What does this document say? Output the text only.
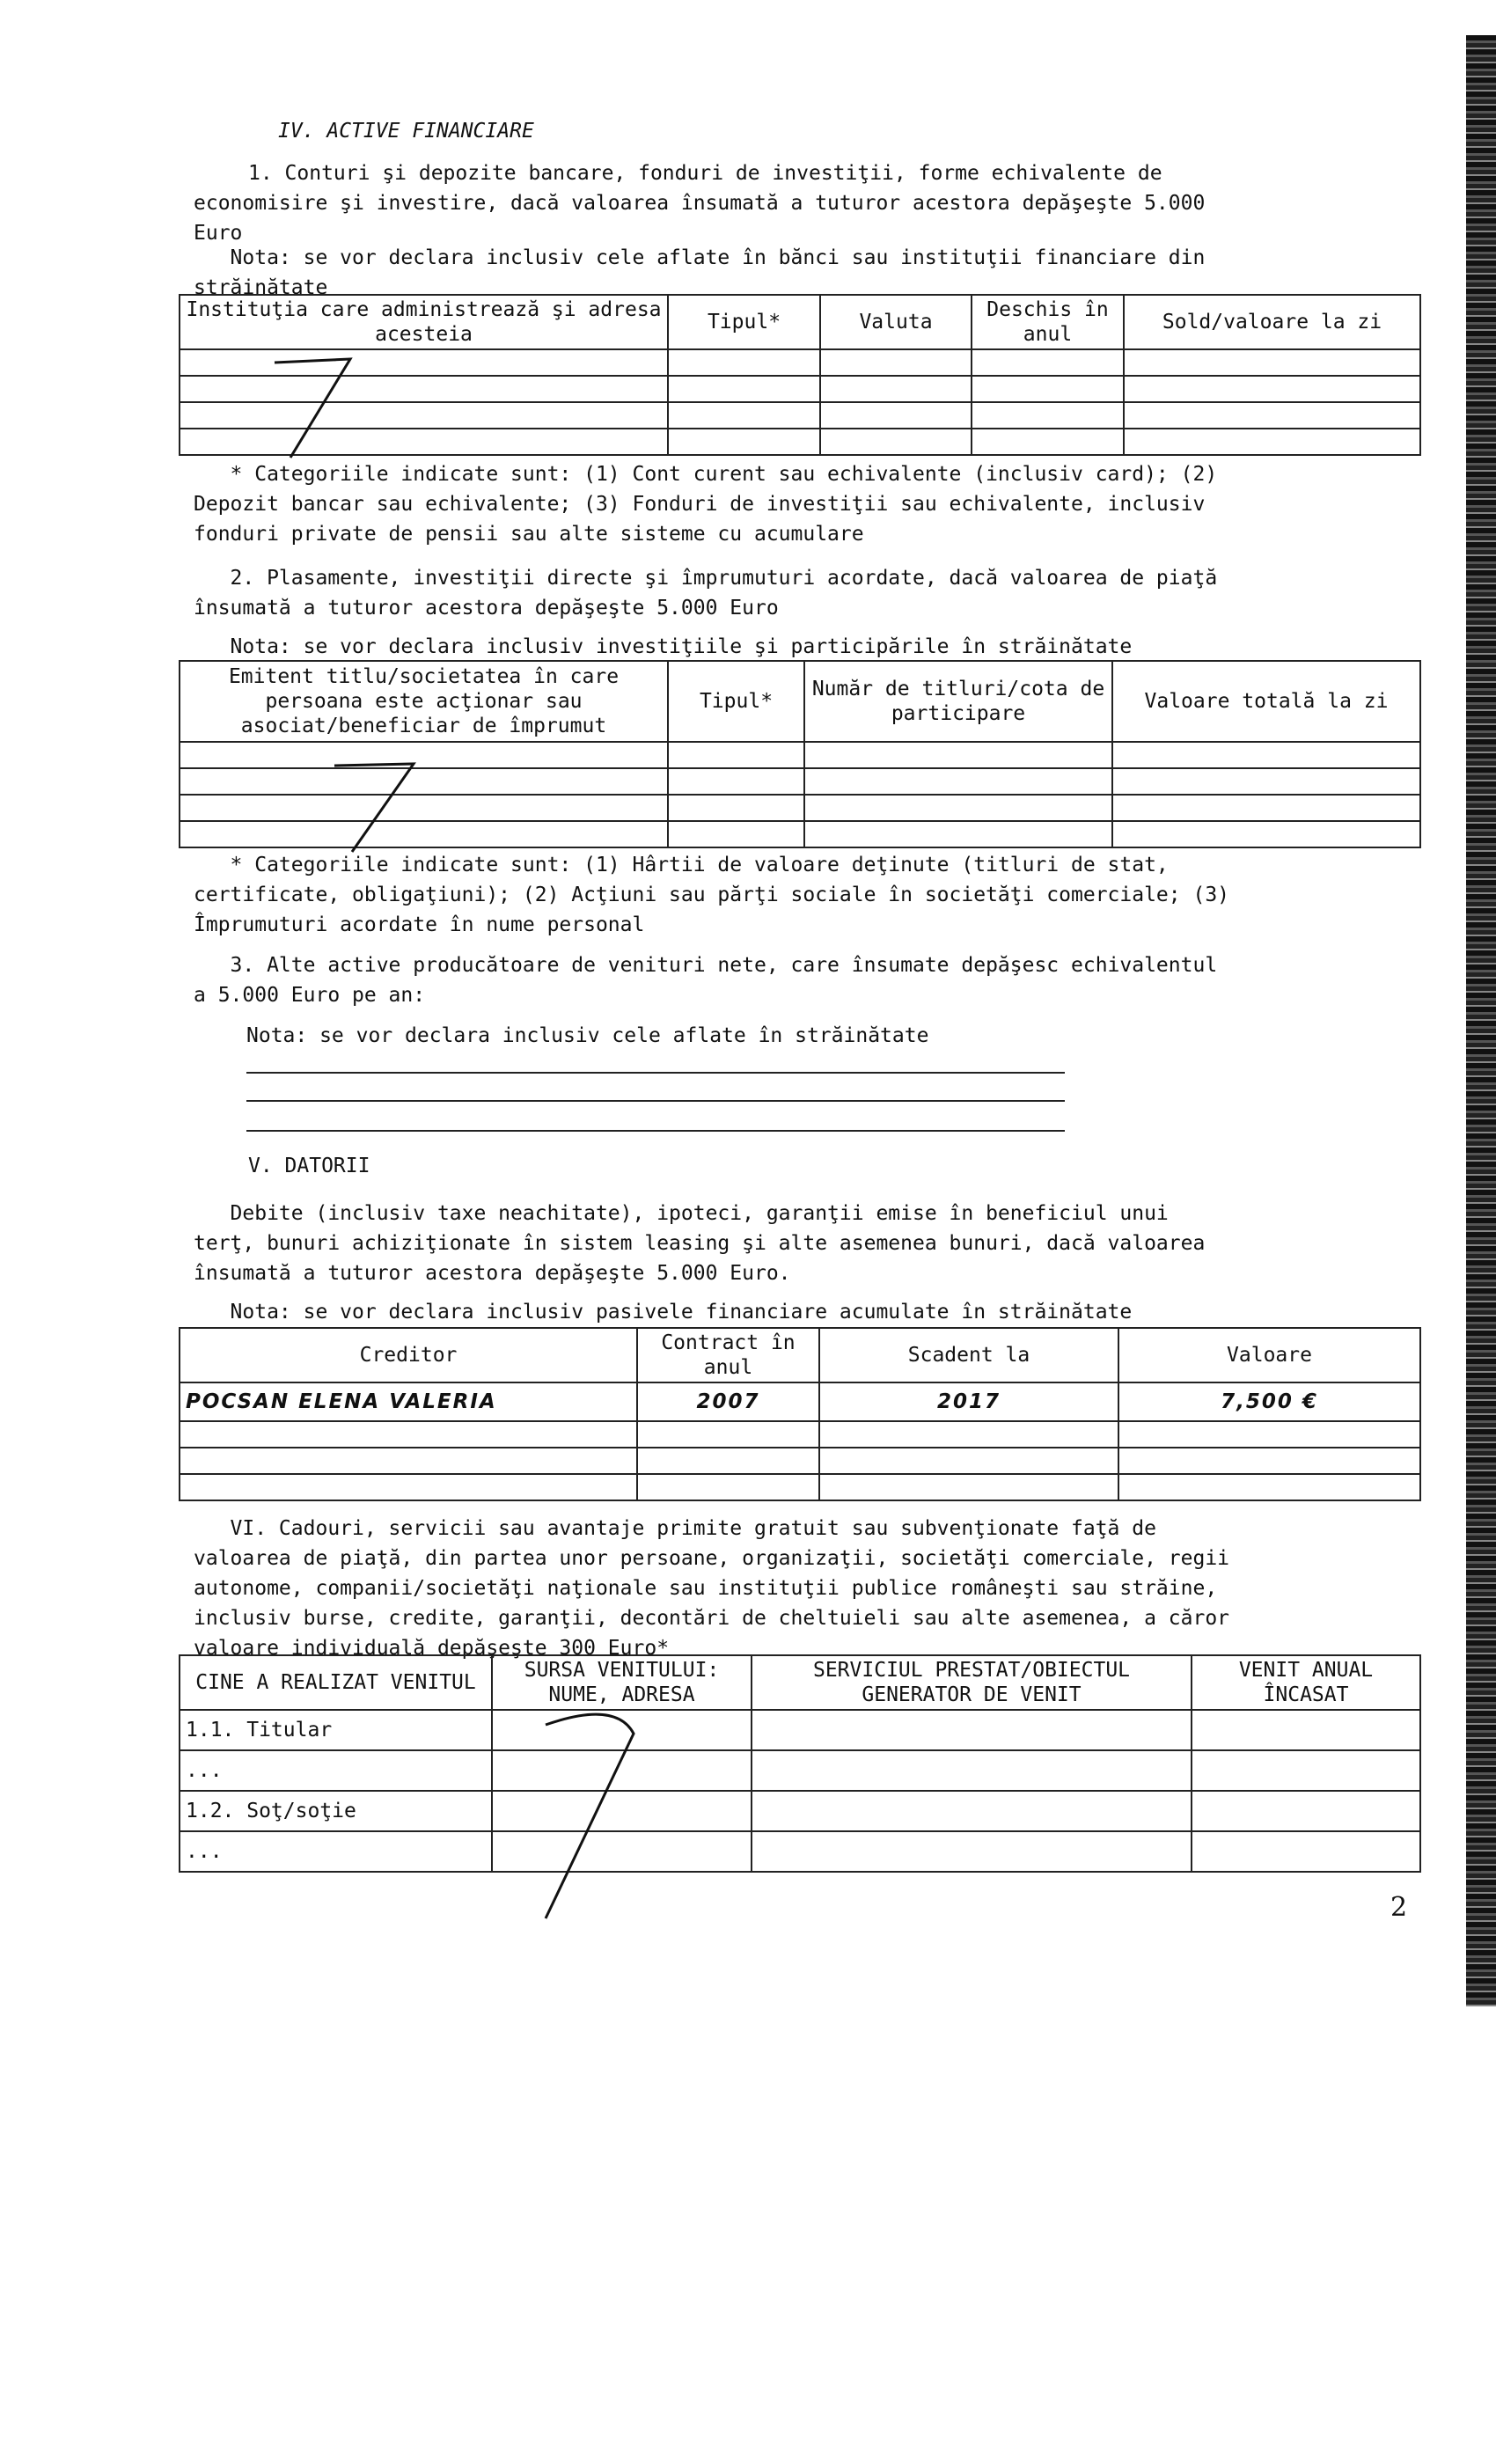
IV. ACTIVE FINANCIARE
1. Conturi şi depozite bancare, fonduri de investiţii, forme echivalente de
economisire şi investire, dacă valoarea însumată a tuturor acestora depăşeşte 5.000
Euro
Nota: se vor declara inclusiv cele aflate în bănci sau instituţii financiare din
străinătate
Instituţia care administrează şi adresa acesteia	Tipul*	Valuta	Deschis în anul	Sold/valoare la zi

* Categoriile indicate sunt: (1) Cont curent sau echivalente (inclusiv card); (2)
Depozit bancar sau echivalente; (3) Fonduri de investiţii sau echivalente, inclusiv
fonduri private de pensii sau alte sisteme cu acumulare
2. Plasamente, investiţii directe şi împrumuturi acordate, dacă valoarea de piaţă
însumată a tuturor acestora depăşeşte 5.000 Euro
Nota: se vor declara inclusiv investiţiile şi participările în străinătate
Emitent titlu/societatea în care persoana este acţionar sau asociat/beneficiar de împrumut	Tipul*	Număr de titluri/cota de participare	Valoare totală la zi

* Categoriile indicate sunt: (1) Hârtii de valoare deţinute (titluri de stat,
certificate, obligaţiuni); (2) Acţiuni sau părţi sociale în societăţi comerciale; (3)
Împrumuturi acordate în nume personal
3. Alte active producătoare de venituri nete, care însumate depăşesc echivalentul
a 5.000 Euro pe an:
Nota: se vor declara inclusiv cele aflate în străinătate
V. DATORII
Debite (inclusiv taxe neachitate), ipoteci, garanţii emise în beneficiul unui
terţ, bunuri achiziţionate în sistem leasing şi alte asemenea bunuri, dacă valoarea
însumată a tuturor acestora depăşeşte 5.000 Euro.
Nota: se vor declara inclusiv pasivele financiare acumulate în străinătate
Creditor	Contract în anul	Scadent la	Valoare
POCSAN ELENA VALERIA	2007	2017	7,500 €

VI. Cadouri, servicii sau avantaje primite gratuit sau subvenţionate faţă de
valoarea de piaţă, din partea unor persoane, organizaţii, societăţi comerciale, regii
autonome, companii/societăţi naţionale sau instituţii publice româneşti sau străine,
inclusiv burse, credite, garanţii, decontări de cheltuieli sau alte asemenea, a căror
valoare individuală depăşeşte 300 Euro*
CINE A REALIZAT VENITUL	SURSA VENITULUI: NUME, ADRESA	SERVICIUL PRESTAT/OBIECTUL GENERATOR DE VENIT	VENIT ANUAL ÎNCASAT
1.1. Titular			
...			
1.2. Soţ/soţie			
...			
2
